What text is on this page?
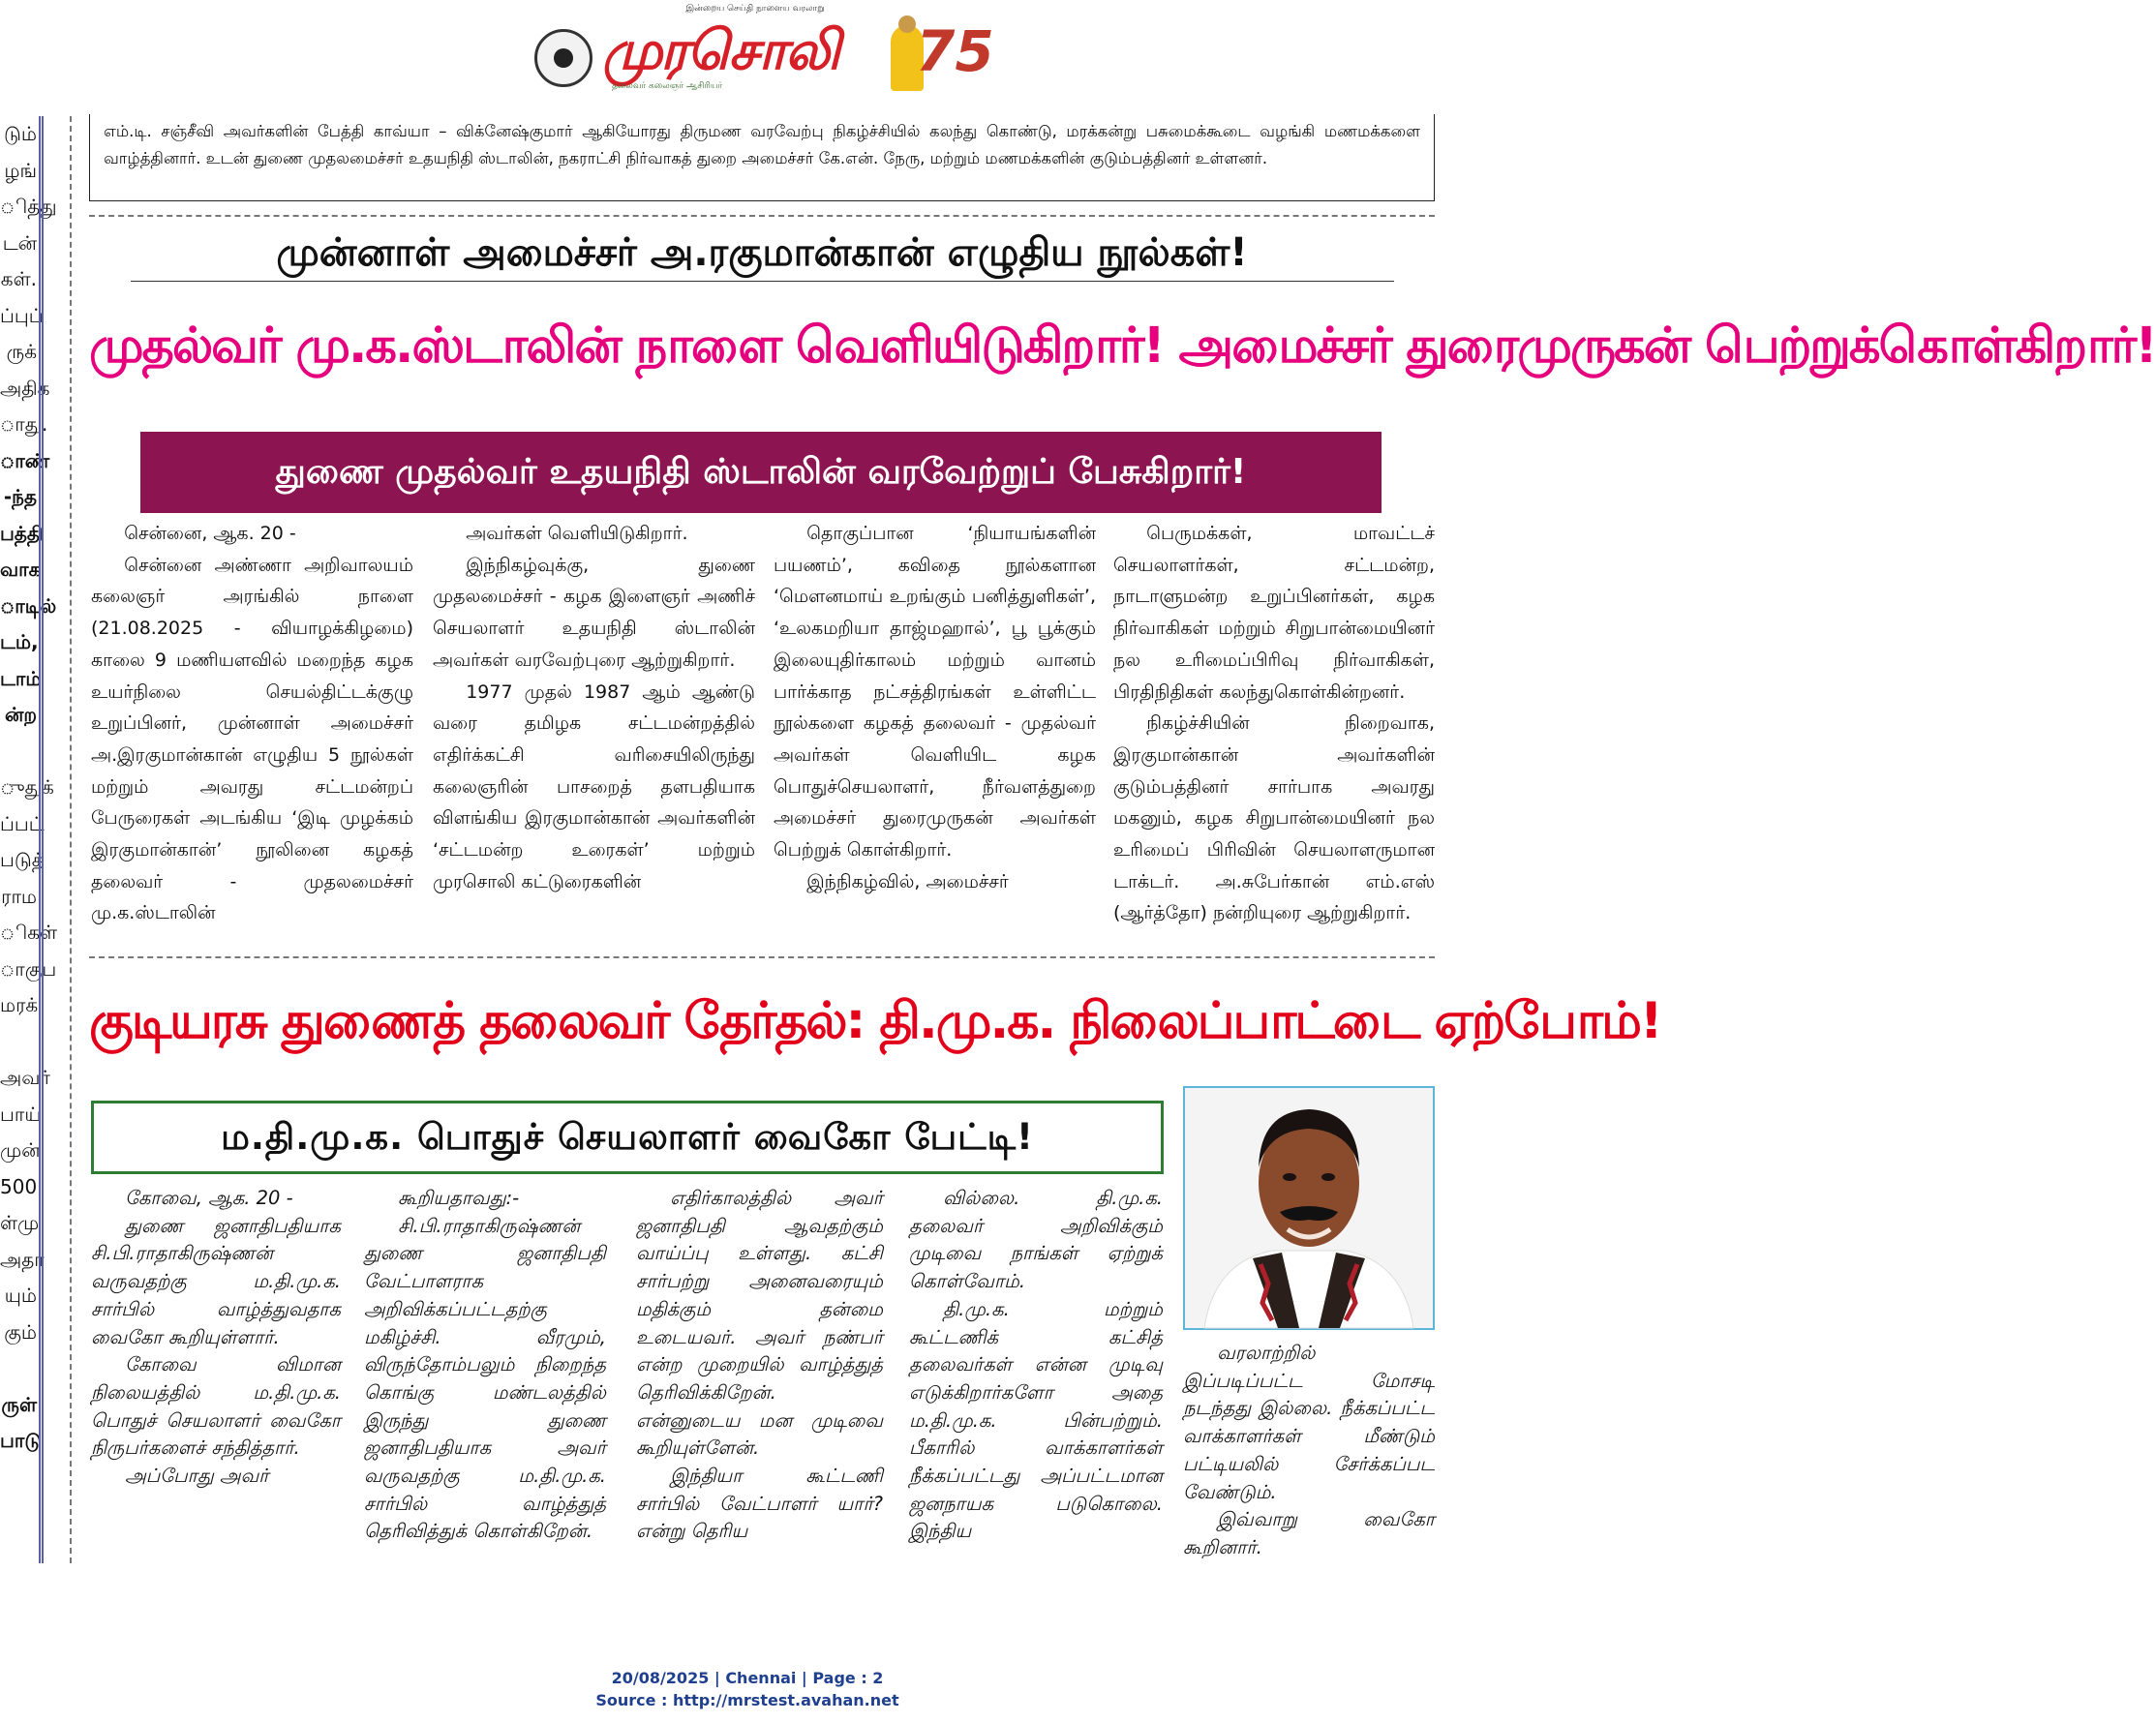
இன்றைய செய்தி நாளைய வரலாறு
முரசொலி
தலைவர் கலைஞர் ஆசிரியர்
75
டும்
ழங்
ித்து
டன்
கள்.
ப்புப்
ருக்
அதிக
ாது.
ாண்
-ந்த
பத்தி
வாக
ாடில்
டம்,
டாம்
ன்ற
ுதுக்
ப்பட்
படுத்
ராம
ிகள்
ாகுப
மரக்
அவர்
பாய்
முன்
500
ள்மு
அதா
யும்
கும்
ருள்
பாடு
எம்.டி. சஞ்சீவி அவர்களின் பேத்தி காவ்யா – விக்னேஷ்குமார் ஆகியோரது திருமண வரவேற்பு நிகழ்ச்சியில் கலந்து கொண்டு, மரக்கன்று பசுமைக்கூடை வழங்கி மணமக்களை வாழ்த்தினார். உடன் துணை முதலமைச்சர் உதயநிதி ஸ்டாலின், நகராட்சி நிர்வாகத் துறை அமைச்சர் கே.என். நேரு, மற்றும் மணமக்களின் குடும்பத்தினர் உள்ளனர்.
முன்னாள் அமைச்சர் அ.ரகுமான்கான் எழுதிய நூல்கள்!
முதல்வர் மு.க.ஸ்டாலின் நாளை வெளியிடுகிறார்! அமைச்சர் துரைமுருகன் பெற்றுக்கொள்கிறார்!
துணை முதல்வர் உதயநிதி ஸ்டாலின் வரவேற்றுப் பேசுகிறார்!

சென்னை, ஆக. 20 -

சென்னை அண்ணா அறிவாலயம் கலைஞர் அரங்கில் நாளை (21.08.2025 - வியாழக்கிழமை) காலை 9 மணியளவில் மறைந்த கழக உயர்நிலை செயல்திட்டக்குழு உறுப்பினர், முன்னாள் அமைச்சர் அ.இரகுமான்கான் எழுதிய 5 நூல்கள் மற்றும் அவரது சட்டமன்றப் பேருரைகள் அடங்கிய ‘இடி முழக்கம் இரகுமான்கான்’ நூலினை கழகத் தலைவர் - முதலமைச்சர் மு.க.ஸ்டாலின்

அவர்கள் வெளியிடுகிறார்.

இந்நிகழ்வுக்கு, துணை முதலமைச்சர் - கழக இளைஞர் அணிச் செயலாளர் உதயநிதி ஸ்டாலின் அவர்கள் வரவேற்புரை ஆற்றுகிறார்.

1977 முதல் 1987 ஆம் ஆண்டு வரை தமிழக சட்டமன்றத்தில் எதிர்க்கட்சி வரிசையிலிருந்து கலைஞரின் பாசறைத் தளபதியாக விளங்கிய இரகுமான்கான் அவர்களின் ‘சட்டமன்ற உரைகள்’ மற்றும் முரசொலி கட்டுரைகளின்

தொகுப்பான ‘நியாயங்களின் பயணம்’, கவிதை நூல்களான ‘மௌனமாய் உறங்கும் பனித்துளிகள்’, ‘உலகமறியா தாஜ்மஹால்’, பூ பூக்கும் இலையுதிர்காலம் மற்றும் வானம் பார்க்காத நட்சத்திரங்கள் உள்ளிட்ட நூல்களை கழகத் தலைவர் - முதல்வர் அவர்கள் வெளியிட கழக பொதுச்செயலாளர், நீர்வளத்துறை அமைச்சர் துரைமுருகன் அவர்கள் பெற்றுக் கொள்கிறார்.

இந்நிகழ்வில், அமைச்சர்

பெருமக்கள், மாவட்டச் செயலாளர்கள், சட்டமன்ற, நாடாளுமன்ற உறுப்பினர்கள், கழக நிர்வாகிகள் மற்றும் சிறுபான்மையினர் நல உரிமைப்பிரிவு நிர்வாகிகள், பிரதிநிதிகள் கலந்துகொள்கின்றனர்.

நிகழ்ச்சியின் நிறைவாக, இரகுமான்கான் அவர்களின் குடும்பத்தினர் சார்பாக அவரது மகனும், கழக சிறுபான்மையினர் நல உரிமைப் பிரிவின் செயலாளருமான டாக்டர். அ.சுபேர்கான் எம்.எஸ் (ஆர்த்தோ) நன்றியுரை ஆற்றுகிறார்.

குடியரசு துணைத் தலைவர் தேர்தல்: தி.மு.க. நிலைப்பாட்டை ஏற்போம்!
ம.தி.மு.க. பொதுச் செயலாளர் வைகோ பேட்டி!

கோவை, ஆக. 20 -

துணை ஜனாதிபதியாக சி.பி.ராதாகிருஷ்ணன் வருவதற்கு ம.தி.மு.க. சார்பில் வாழ்த்துவதாக வைகோ கூறியுள்ளார்.

கோவை விமான நிலையத்தில் ம.தி.மு.க. பொதுச் செயலாளர் வைகோ நிருபர்களைச் சந்தித்தார்.

அப்போது அவர்

கூறியதாவது:-

சி.பி.ராதாகிருஷ்ணன் துணை ஜனாதிபதி வேட்பாளராக அறிவிக்கப்பட்டதற்கு மகிழ்ச்சி. வீரமும், விருந்தோம்பலும் நிறைந்த கொங்கு மண்டலத்தில் இருந்து துணை ஜனாதிபதியாக அவர் வருவதற்கு ம.தி.மு.க. சார்பில் வாழ்த்துத் தெரிவித்துக் கொள்கிறேன்.

எதிர்காலத்தில் அவர் ஜனாதிபதி ஆவதற்கும் வாய்ப்பு உள்ளது. கட்சி சார்பற்று அனைவரையும் மதிக்கும் தன்மை உடையவர். அவர் நண்பர் என்ற முறையில் வாழ்த்துத் தெரிவிக்கிறேன். என்னுடைய மன முடிவை கூறியுள்ளேன்.

இந்தியா கூட்டணி சார்பில் வேட்பாளர் யார்? என்று தெரிய

வில்லை. தி.மு.க. தலைவர் அறிவிக்கும் முடிவை நாங்கள் ஏற்றுக் கொள்வோம்.

தி.மு.க. மற்றும் கூட்டணிக் கட்சித் தலைவர்கள் என்ன முடிவு எடுக்கிறார்களோ அதை ம.தி.மு.க. பின்பற்றும். பீகாரில் வாக்காளர்கள் நீக்கப்பட்டது அப்பட்டமான ஜனநாயக படுகொலை. இந்திய

வரலாற்றில் இப்படிப்பட்ட மோசடி நடந்தது இல்லை. நீக்கப்பட்ட வாக்காளர்கள் மீண்டும் பட்டியலில் சேர்க்கப்பட வேண்டும்.

இவ்வாறு வைகோ கூறினார்.

20/08/2025 | Chennai | Page : 2
Source : http://mrstest.avahan.net
